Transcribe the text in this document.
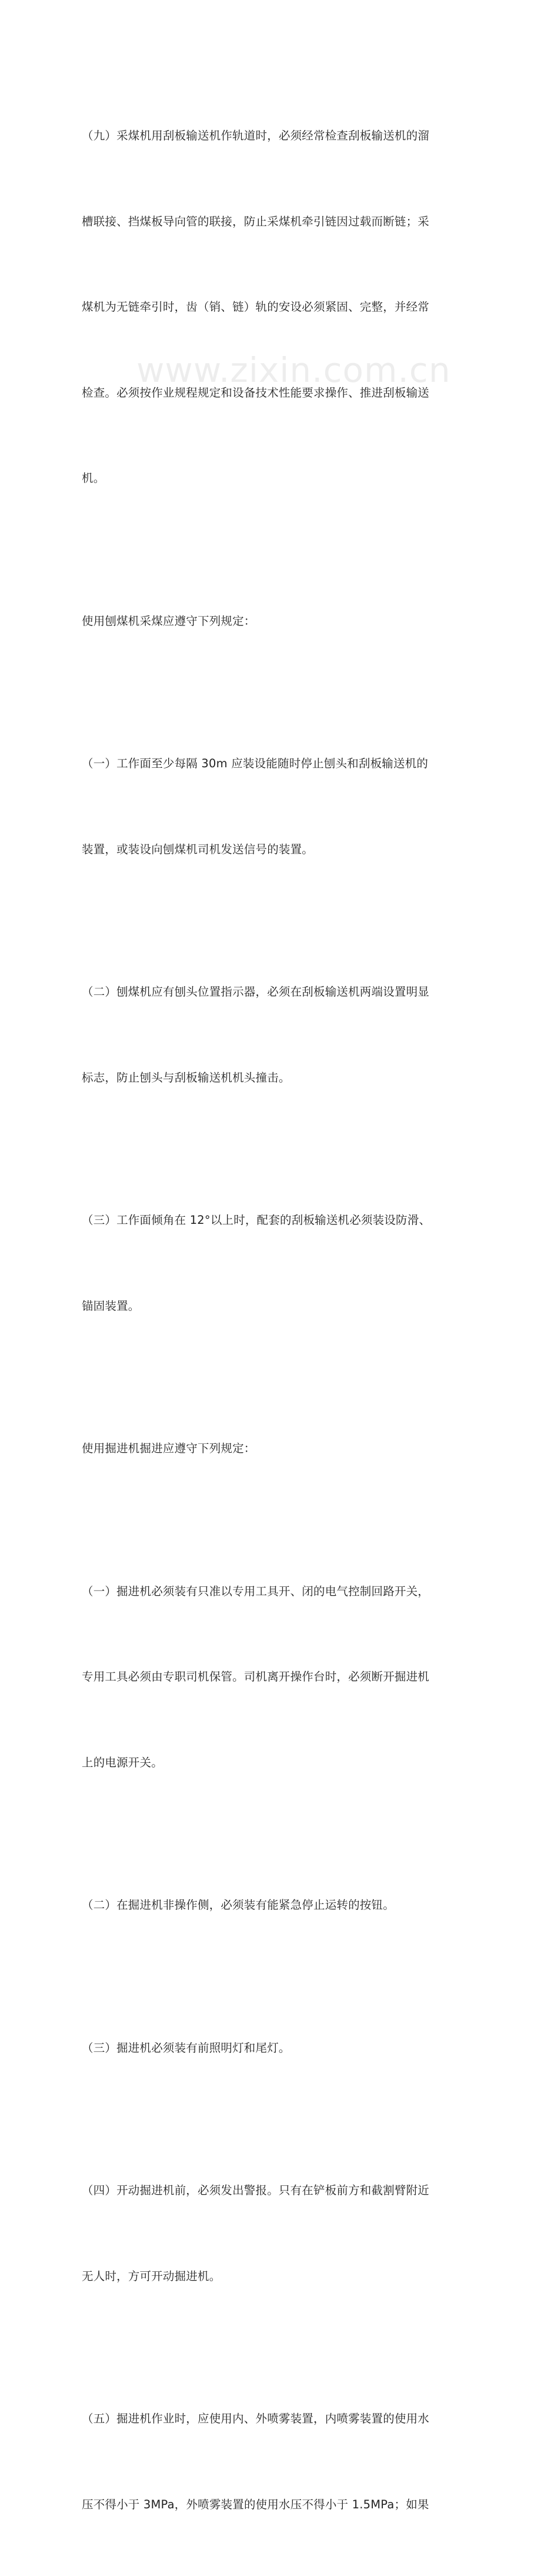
（九）采煤机用刮板输送机作轨道时，必须经常检查刮板输送机的溜

槽联接、挡煤板导向管的联接，防止采煤机牵引链因过载而断链；采

煤机为无链牵引时，齿（销、链）轨的安设必须紧固、完整，并经常

检查。必须按作业规程规定和设备技术性能要求操作、推进刮板输送

机。

使用刨煤机采煤应遵守下列规定：

（一）工作面至少每隔 30m 应装设能随时停止刨头和刮板输送机的

装置，或装设向刨煤机司机发送信号的装置。

（二）刨煤机应有刨头位置指示器，必须在刮板输送机两端设置明显

标志，防止刨头与刮板输送机机头撞击。

（三）工作面倾角在 12°以上时，配套的刮板输送机必须装设防滑、

锚固装置。

使用掘进机掘进应遵守下列规定：

（一）掘进机必须装有只准以专用工具开、闭的电气控制回路开关，

专用工具必须由专职司机保管。司机离开操作台时，必须断开掘进机

上的电源开关。

（二）在掘进机非操作侧，必须装有能紧急停止运转的按钮。

（三）掘进机必须装有前照明灯和尾灯。

（四）开动掘进机前，必须发出警报。只有在铲板前方和截割臂附近

无人时，方可开动掘进机。

（五）掘进机作业时，应使用内、外喷雾装置，内喷雾装置的使用水

压不得小于 3MPa，外喷雾装置的使用水压不得小于 1.5MPa；如果

www.zixin.com.cn
